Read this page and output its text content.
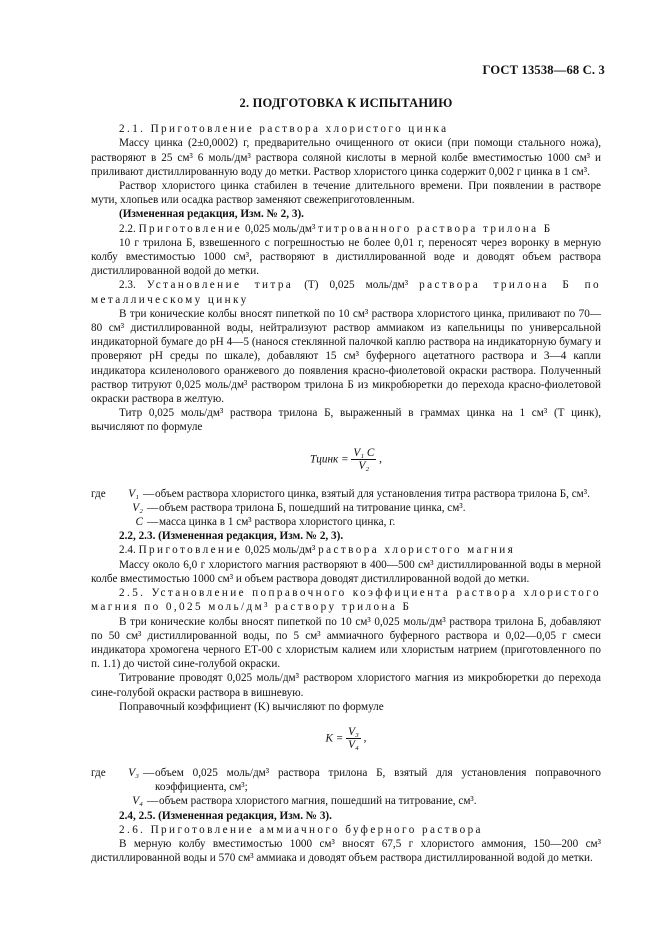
ГОСТ 13538—68 С. 3
2. ПОДГОТОВКА К ИСПЫТАНИЮ

2.1. Приготовление раствора хлористого цинка

Массу цинка (2±0,0002) г, предварительно очищенного от окиси (при помощи стального ножа), растворяют в 25 см³ 6 моль/дм³ раствора соляной кислоты в мерной колбе вместимостью 1000 см³ и приливают дистиллированную воду до метки. Раствор хлористого цинка содержит 0,002 г цинка в 1 см³.

Раствор хлористого цинка стабилен в течение длительного времени. При появлении в растворе мути, хлопьев или осадка раствор заменяют свежеприготовленным.

(Измененная редакция, Изм. № 2, 3).

2.2. Приготовление 0,025 моль/дм³ титрованного раствора трилона Б

10 г трилона Б, взвешенного с погрешностью не более 0,01 г, переносят через воронку в мерную колбу вместимостью 1000 см³, растворяют в дистиллированной воде и доводят объем раствора дистиллированной водой до метки.

2.3. Установление титра (Т) 0,025 моль/дм³ раствора трилона Б по металлическому цинку

В три конические колбы вносят пипеткой по 10 см³ раствора хлористого цинка, приливают по 70—80 см³ дистиллированной воды, нейтрализуют раствор аммиаком из капельницы по универсальной индикаторной бумаге до pH 4—5 (нанося стеклянной палочкой каплю раствора на индикаторную бумагу и проверяют pH среды по шкале), добавляют 15 см³ буферного ацетатного раствора и 3—4 капли индикатора ксиленолового оранжевого до появления красно-фиолетовой окраски раствора. Полученный раствор титруют 0,025 моль/дм³ раствором трилона Б из микробюретки до перехода красно-фиолетовой окраски раствора в желтую.

Титр 0,025 моль/дм³ раствора трилона Б, выраженный в граммах цинка на 1 см³ (T цинк), вычисляют по формуле

Tцинк = $\frac{\text{V₁ C}}{\text{V₂}}$ ,
где	V₁ — объем раствора хлористого цинка, взятый для установления титра раствора трилона Б, см³.
V₂ — объем раствора трилона Б, пошедший на титрование цинка, см³.
C — масса цинка в 1 см³ раствора хлористого цинка, г.

2.2, 2.3. (Измененная редакция, Изм. № 2, 3).

2.4. Приготовление 0,025 моль/дм³ раствора хлористого магния

Массу около 6,0 г хлористого магния растворяют в 400—500 см³ дистиллированной воды в мерной колбе вместимостью 1000 см³ и объем раствора доводят дистиллированной водой до метки.

2.5. Установление поправочного коэффициента раствора хлористого магния по 0,025 моль/дм³ раствору трилона Б

В три конические колбы вносят пипеткой по 10 см³ 0,025 моль/дм³ раствора трилона Б, добавляют по 50 см³ дистиллированной воды, по 5 см³ аммиачного буферного раствора и 0,02—0,05 г смеси индикатора хромогена черного ЕТ-00 с хлористым калием или хлористым натрием (приготовленного по п. 1.1) до чистой сине-голубой окраски.

Титрование проводят 0,025 моль/дм³ раствором хлористого магния из микробюретки до перехода сине-голубой окраски раствора в вишневую.

Поправочный коэффициент (K) вычисляют по формуле

$K = \frac{\text{V₃}}{\text{V₄}}$ ,
где	V₃ — объем 0,025 моль/дм³ раствора трилона Б, взятый для установления поправочного коэффициента, см³;
V₄ — объем раствора хлористого магния, пошедший на титрование, см³.

2.4, 2.5. (Измененная редакция, Изм. № 3).

2.6. Приготовление аммиачного буферного раствора

В мерную колбу вместимостью 1000 см³ вносят 67,5 г хлористого аммония, 150—200 см³ дистиллированной воды и 570 см³ аммиака и доводят объем раствора дистиллированной водой до метки.
